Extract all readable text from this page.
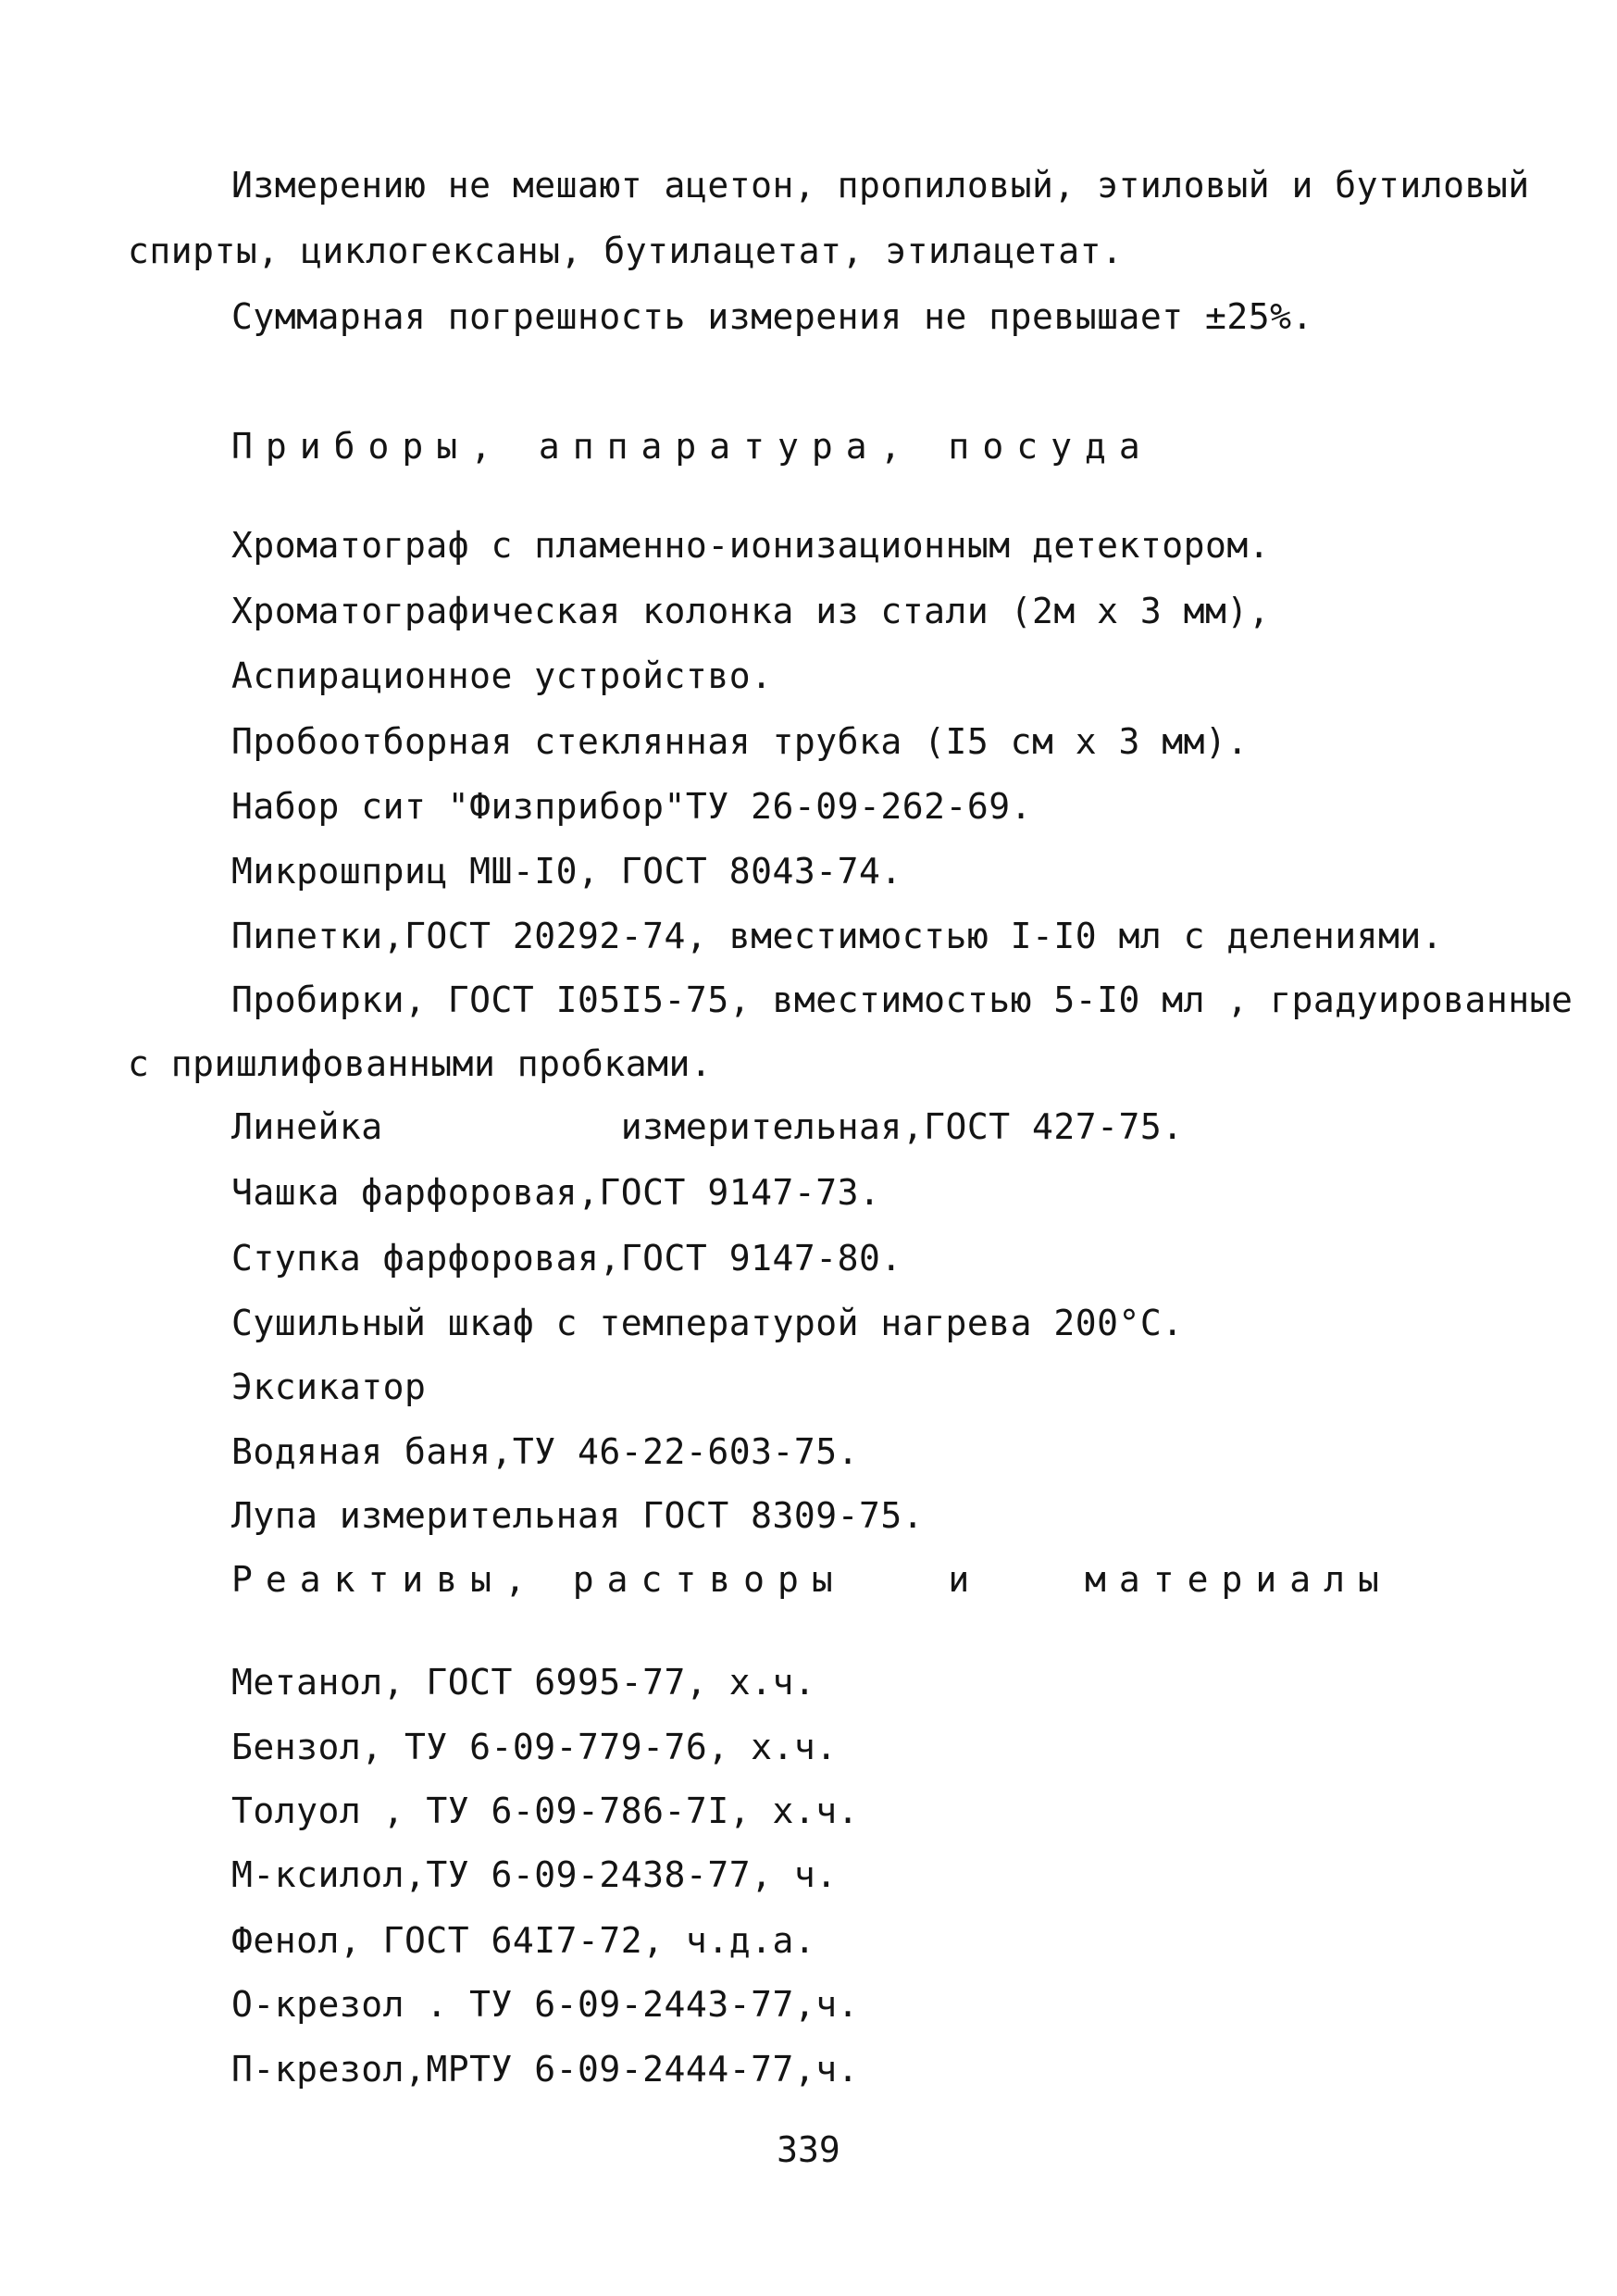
Измерению не мешают ацетон, пропиловый, этиловый и бутиловый
спирты, циклогексаны, бутилацетат, этилацетат.
Суммарная погрешность измерения не превышает ±25%.
Приборы, аппаратура, посуда
Хроматограф с пламенно-ионизационным детектором.
Хроматографическая колонка из стали (2м х 3 мм),
Аспирационное устройство.
Пробоотборная стеклянная трубка (I5 см х 3 мм).
Набор сит "Физприбор"ТУ 26-09-262-69.
Микрошприц МШ-I0, ГОСТ 8043-74.
Пипетки,ГОСТ 20292-74, вместимостью I-I0 мл с делениями.
Пробирки, ГОСТ I05I5-75, вместимостью 5-I0 мл , градуированные
с пришлифованными пробками.
Линейка           измерительная,ГОСТ 427-75.
Чашка фарфоровая,ГОСТ 9147-73.
Ступка фарфоровая,ГОСТ 9147-80.
Сушильный шкаф с температурой нагрева 200°С.
Эксикатор
Водяная баня,ТУ 46-22-603-75.
Лупа измерительная ГОСТ 8309-75.
Реактивы, растворы   и   материалы
Метанол, ГОСТ 6995-77, х.ч.
Бензол, ТУ 6-09-779-76, х.ч.
Толуол , ТУ 6-09-786-7I, х.ч.
М-ксилол,ТУ 6-09-2438-77, ч.
Фенол, ГОСТ 64I7-72, ч.д.а.
О-крезол . ТУ 6-09-2443-77,ч.
П-крезол,МРТУ 6-09-2444-77,ч.
339
